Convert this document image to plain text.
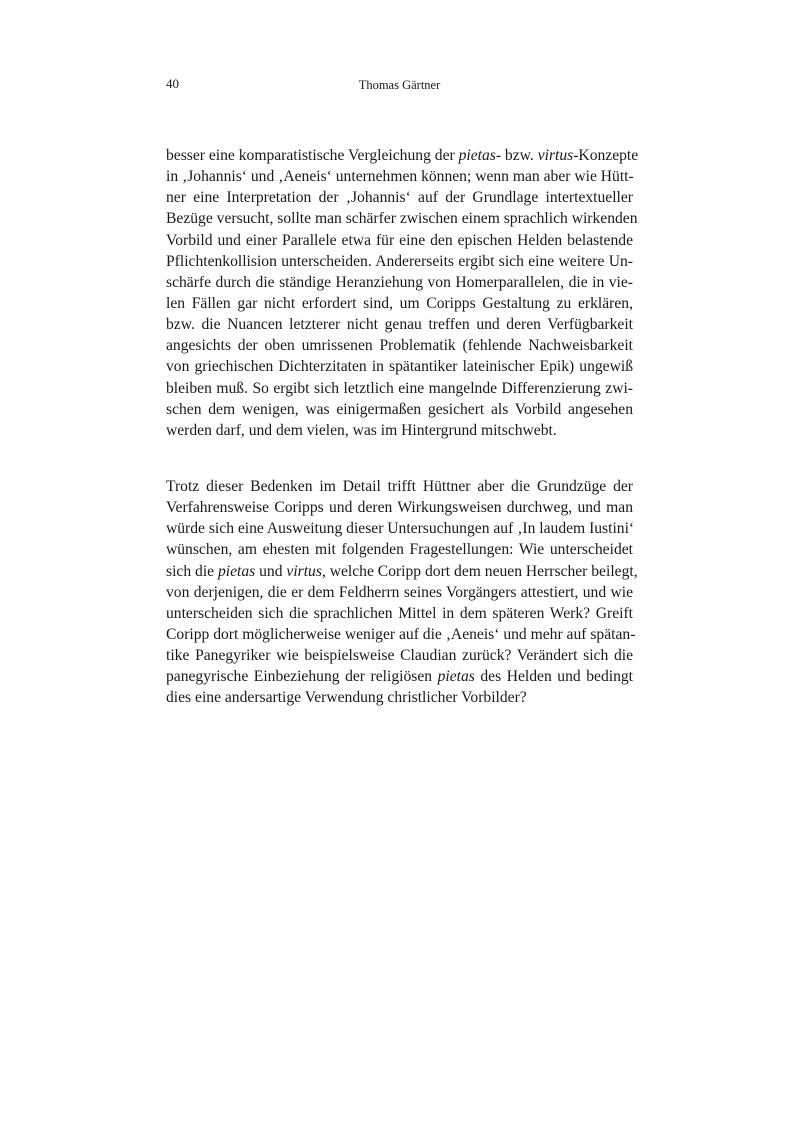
40	Thomas Gärtner
besser eine komparatistische Vergleichung der pietas- bzw. virtus-Konzepte
in ‚Johannis‘ und ‚Aeneis‘ unternehmen können; wenn man aber wie Hütt-
ner eine Interpretation der ‚Johannis‘ auf der Grundlage intertextueller
Bezüge versucht, sollte man schärfer zwischen einem sprachlich wirkenden
Vorbild und einer Parallele etwa für eine den epischen Helden belastende
Pflichtenkollision unterscheiden. Andererseits ergibt sich eine weitere Un-
schärfe durch die ständige Heranziehung von Homerparallelen, die in vie-
len Fällen gar nicht erfordert sind, um Coripps Gestaltung zu erklären,
bzw. die Nuancen letzterer nicht genau treffen und deren Verfügbarkeit
angesichts der oben umrissenen Problematik (fehlende Nachweisbarkeit
von griechischen Dichterzitaten in spätantiker lateinischer Epik) ungewiß
bleiben muß. So ergibt sich letztlich eine mangelnde Differenzierung zwi-
schen dem wenigen, was einigermaßen gesichert als Vorbild angesehen
werden darf, und dem vielen, was im Hintergrund mitschwebt.
Trotz dieser Bedenken im Detail trifft Hüttner aber die Grundzüge der
Verfahrensweise Coripps und deren Wirkungsweisen durchweg, und man
würde sich eine Ausweitung dieser Untersuchungen auf ‚In laudem Iustini‘
wünschen, am ehesten mit folgenden Fragestellungen: Wie unterscheidet
sich die pietas und virtus, welche Coripp dort dem neuen Herrscher beilegt,
von derjenigen, die er dem Feldherrn seines Vorgängers attestiert, und wie
unterscheiden sich die sprachlichen Mittel in dem späteren Werk? Greift
Coripp dort möglicherweise weniger auf die ‚Aeneis‘ und mehr auf spätan-
tike Panegyriker wie beispielsweise Claudian zurück? Verändert sich die
panegyrische Einbeziehung der religiösen pietas des Helden und bedingt
dies eine andersartige Verwendung christlicher Vorbilder?
